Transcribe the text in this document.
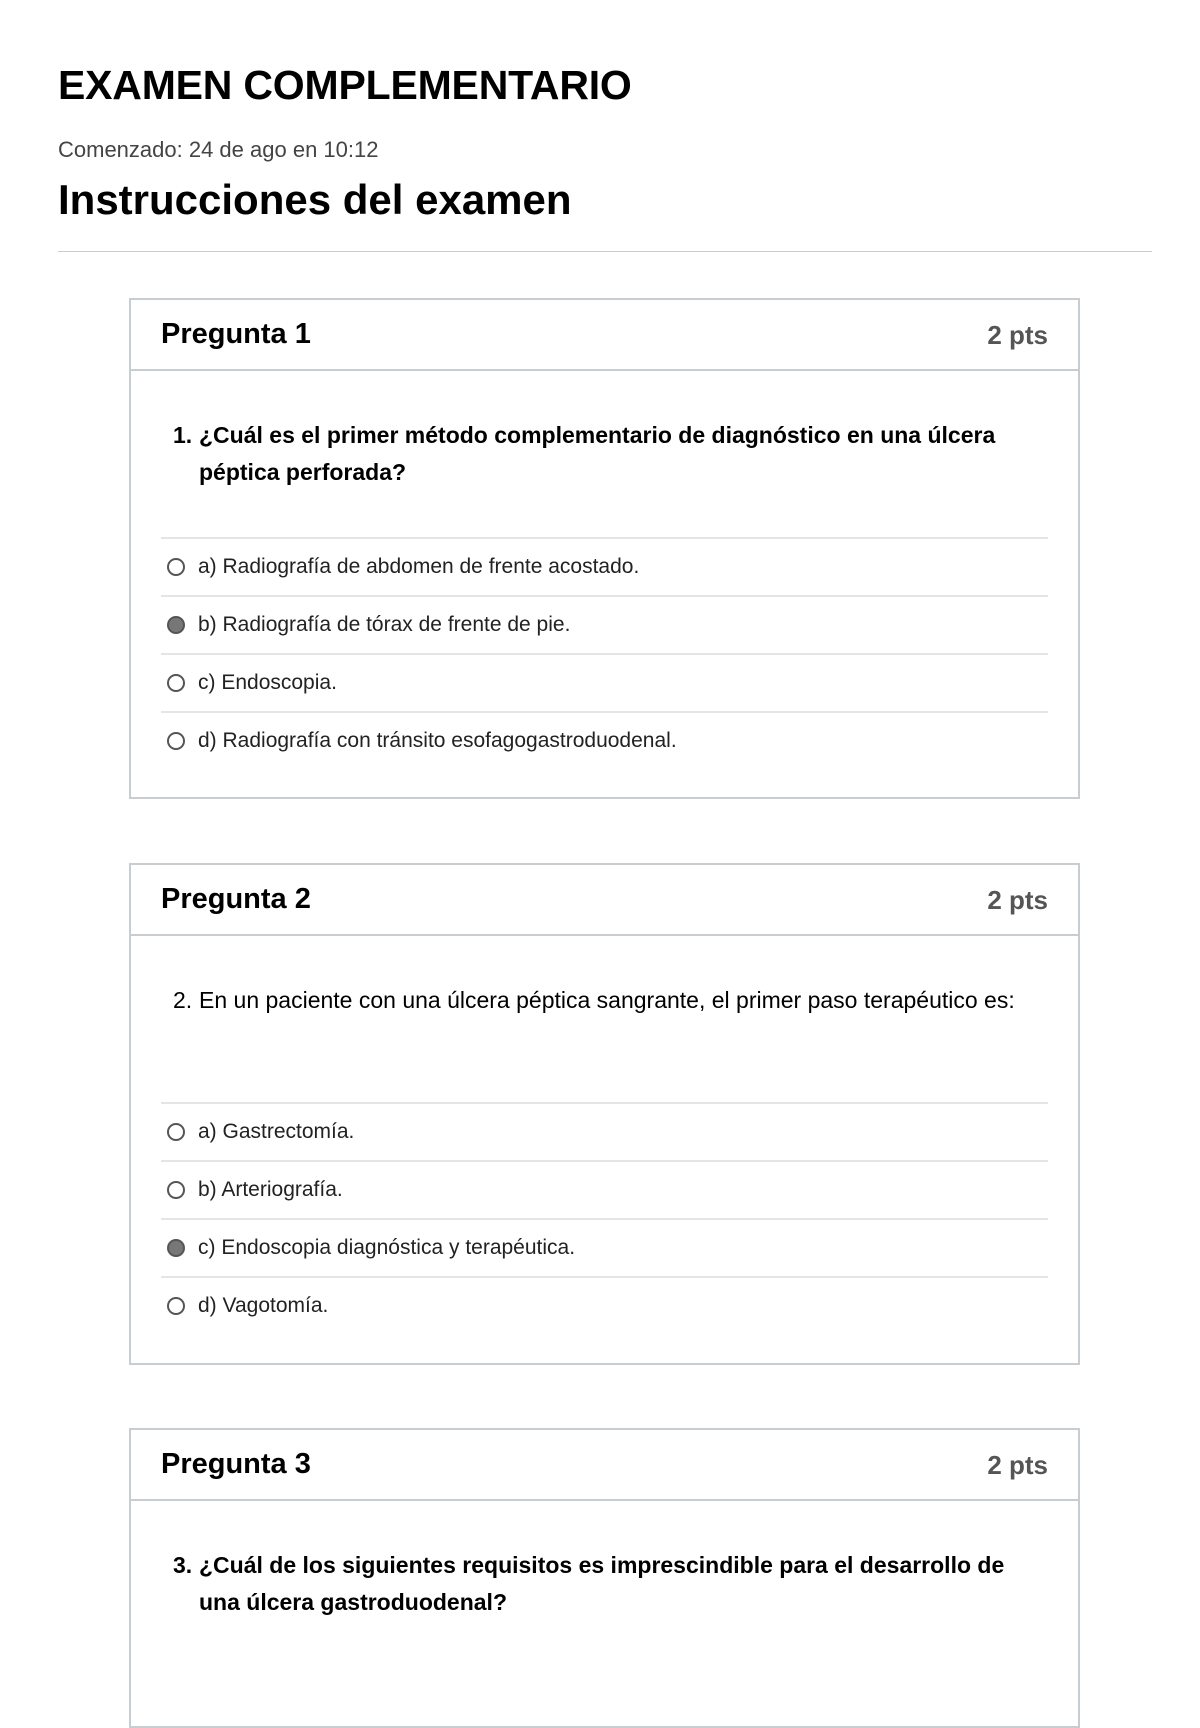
EXAMEN COMPLEMENTARIO
Comenzado: 24 de ago en 10:12
Instrucciones del examen
Pregunta 1	2 pts
1. ¿Cuál es el primer método complementario de diagnóstico en una úlcera péptica perforada?
a) Radiografía de abdomen de frente acostado.
b) Radiografía de tórax de frente de pie.
c) Endoscopia.
d) Radiografía con tránsito esofagogastroduodenal.
Pregunta 2	2 pts
2. En un paciente con una úlcera péptica sangrante, el primer paso terapéutico es:
a) Gastrectomía.
b) Arteriografía.
c) Endoscopia diagnóstica y terapéutica.
d) Vagotomía.
Pregunta 3	2 pts
3. ¿Cuál de los siguientes requisitos es imprescindible para el desarrollo de una úlcera gastroduodenal?
